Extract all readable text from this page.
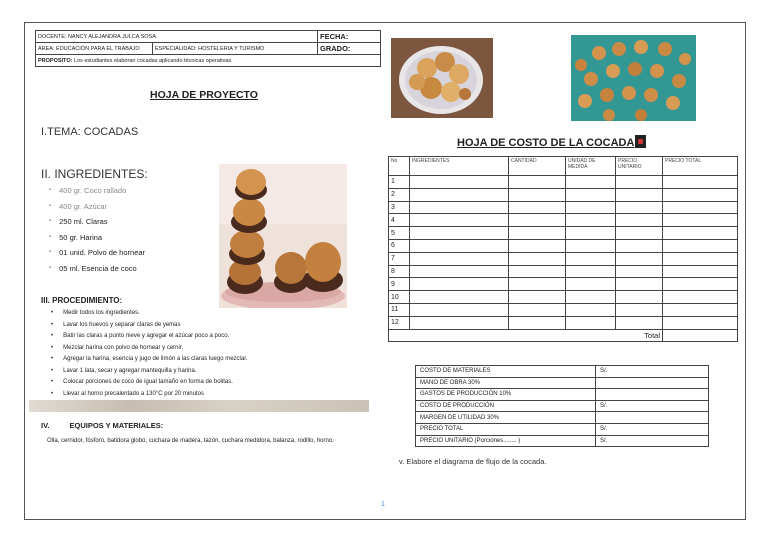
DOCENTE: NANCY ALEJANDRA JULCA SOSA		FECHA:
ÁREA: EDUCACIÓN PARA EL TRABAJO	ESPECIALIDAD: HOSTELERIA Y TURISMO	GRADO:
PROPOSITO: Los estudiantes elaboran cocadas aplicando técnicas operativas.		
HOJA DE PROYECTO
I.TEMA: COCADAS
II. INGREDIENTES:
▪ 400 gr. Coco rallado
▪ 400 gr. Azúcar
▪ 250 ml. Claras
▪ 50 gr. Harina
▪ 01 unid. Polvo de hornear
▪ 05 ml. Esencia de coco
III. PROCEDIMIENTO:
• Medir todos los ingredientes.
• Lavar los huevos y separar claras de yemas
• Batir las claras a punto nieve y agregar el azúcar poco a poco.
• Mezclar harina con polvo de hornear y cernir.
• Agregar la harina, esencia y jugo de limón a las claras luego mezclar.
• Lavar 1 lata, secar y agregar mantequilla y harina.
• Colocar porciones de coco de igual tamaño en forma de bolitas.
• Llevar al horno precalentado a 130°C por 20 minutos
IV.	EQUIPOS Y MATERIALES:
Olla, cernidor, fósforo, batidora globo, cuchara de madera, tazón, cuchara medidora, balanza, rodillo, horno.
HOJA DE COSTO DE LA COCADA
No	INGREDIENTES	CANTIDAD	UNIDAD DE MEDIDA	PRECIO UNITARIO	PRECIO TOTAL
1					
2					
3					
4					
5					
6					
7					
8					
9					
10					
11					
12					
				Total	
COSTO DE MATERIALES	S/.
MANO DE OBRA 30%	
GASTOS DE PRODUCCIÓN 10%	
COSTO DE PRODUCCIÓN	S/.
MARGEN DE UTILIDAD 30%	
PRECIO TOTAL	S/.
PRECIO UNITARIO (Porciones........ )	S/.
v. Elabore el diagrama de flujo de la cocada.
1
